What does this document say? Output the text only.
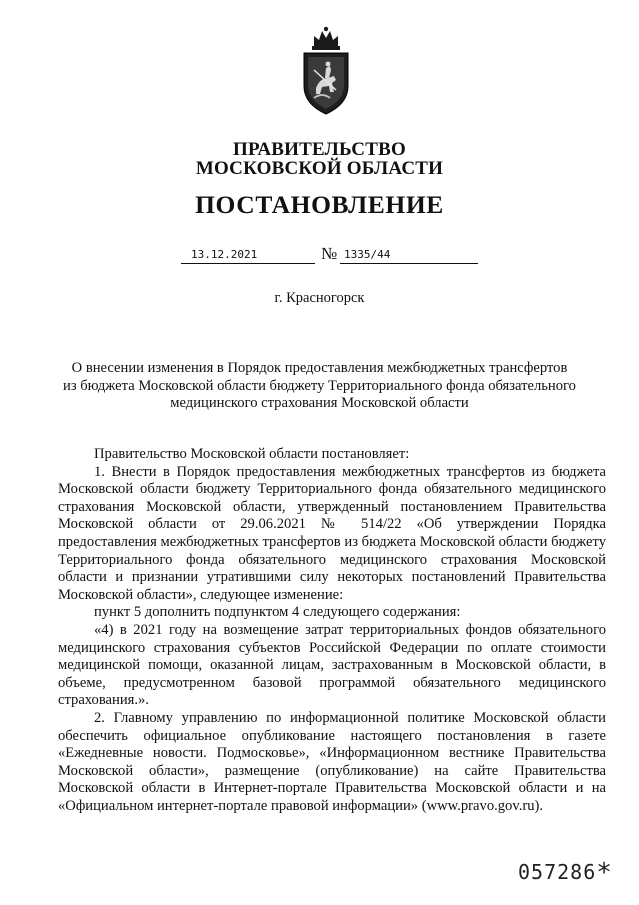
ПРАВИТЕЛЬСТВО
МОСКОВСКОЙ ОБЛАСТИ
ПОСТАНОВЛЕНИЕ
13.12.2021	№ 1335/44
г. Красногорск
О внесении изменения в Порядок предоставления межбюджетных трансфертов
из бюджета Московской области бюджету Территориального фонда обязательного
медицинского страхования Московской области

Правительство Московской области постановляет:

1. Внести в Порядок предоставления межбюджетных трансфертов из бюджета Московской области бюджету Территориального фонда обязательного медицинского страхования Московской области, утвержденный постановлением Правительства Московской области от 29.06.2021 № 514/22 «Об утверждении Порядка предоставления межбюджетных трансфертов из бюджета Московской области бюджету Территориального фонда обязательного медицинского страхования Московской области и признании утратившими силу некоторых постановлений Правительства Московской области», следующее изменение:

пункт 5 дополнить подпунктом 4 следующего содержания:

«4) в 2021 году на возмещение затрат территориальных фондов обязательного медицинского страхования субъектов Российской Федерации по оплате стоимости медицинской помощи, оказанной лицам, застрахованным в Московской области, в объеме, предусмотренном базовой программой обязательного медицинского страхования.».

2. Главному управлению по информационной политике Московской области обеспечить официальное опубликование настоящего постановления в газете «Ежедневные новости. Подмосковье», «Информационном вестнике Правительства Московской области», размещение (опубликование) на сайте Правительства Московской области в Интернет-портале Правительства Московской области и на «Официальном интернет-портале правовой информации» (www.pravo.gov.ru).

057286*
